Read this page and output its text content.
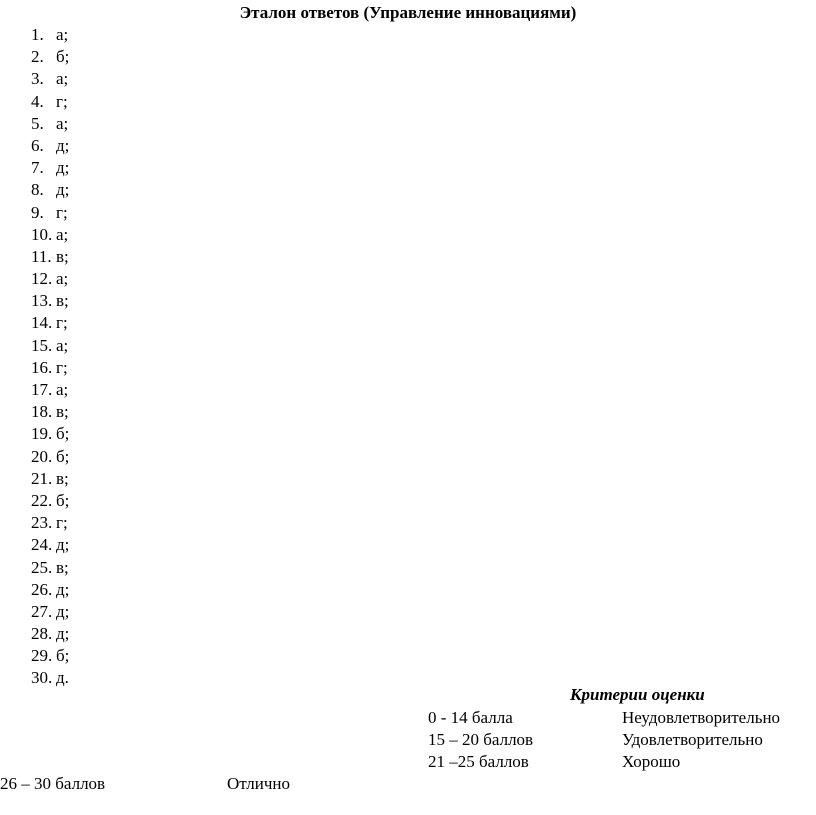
Эталон ответов (Управление инновациями)
1. а;
2. б;
3. а;
4. г;
5. а;
6. д;
7. д;
8. д;
9. г;
10. а;
11. в;
12. а;
13. в;
14. г;
15. а;
16. г;
17. а;
18. в;
19. б;
20. б;
21. в;
22. б;
23. г;
24. д;
25. в;
26. д;
27. д;
28. д;
29. б;
30. д.

Критерии оценки

0 - 14 балла	Неудовлетворительно
15 – 20 баллов	Удовлетворительно
21 –25 баллов	Хорошо
26 – 30 баллов	Отлично
